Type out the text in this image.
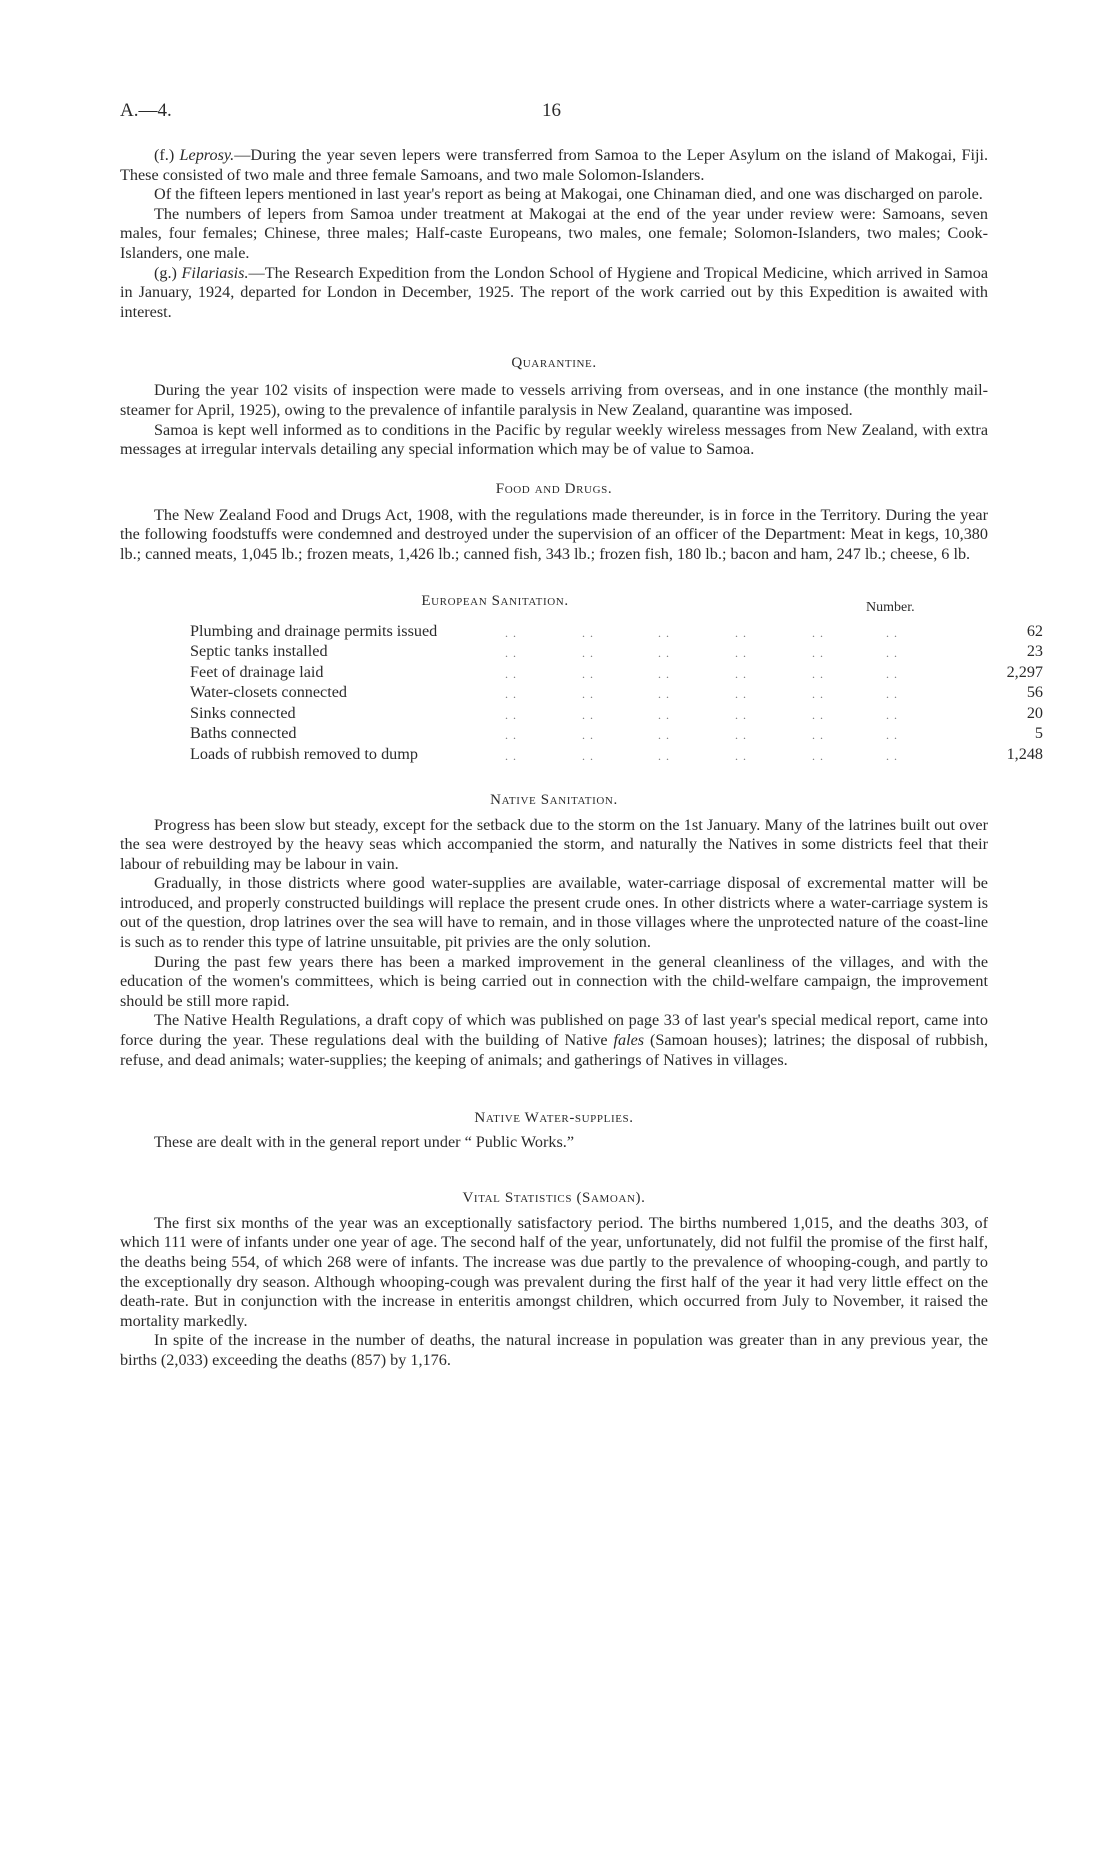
A.—4.	16

(f.) Leprosy.—During the year seven lepers were transferred from Samoa to the Leper Asylum on the island of Makogai, Fiji. These consisted of two male and three female Samoans, and two male Solomon-Islanders.

Of the fifteen lepers mentioned in last year's report as being at Makogai, one Chinaman died, and one was discharged on parole.

The numbers of lepers from Samoa under treatment at Makogai at the end of the year under review were: Samoans, seven males, four females; Chinese, three males; Half-caste Europeans, two males, one female; Solomon-Islanders, two males; Cook-Islanders, one male.

(g.) Filariasis.—The Research Expedition from the London School of Hygiene and Tropical Medicine, which arrived in Samoa in January, 1924, departed for London in December, 1925. The report of the work carried out by this Expedition is awaited with interest.

Quarantine.

During the year 102 visits of inspection were made to vessels arriving from overseas, and in one instance (the monthly mail-steamer for April, 1925), owing to the prevalence of infantile paralysis in New Zealand, quarantine was imposed.

Samoa is kept well informed as to conditions in the Pacific by regular weekly wireless messages from New Zealand, with extra messages at irregular intervals detailing any special information which may be of value to Samoa.

Food and Drugs.

The New Zealand Food and Drugs Act, 1908, with the regulations made thereunder, is in force in the Territory. During the year the following foodstuffs were condemned and destroyed under the supervision of an officer of the Department: Meat in kegs, 10,380 lb.; canned meats, 1,045 lb.; frozen meats, 1,426 lb.; canned fish, 343 lb.; frozen fish, 180 lb.; bacon and ham, 247 lb.; cheese, 6 lb.

European Sanitation.	Number.
Plumbing and drainage permits issued	. .	. .	. .	. .	. .	. .	62
Septic tanks installed	. .	. .	. .	. .	. .	. .	23
Feet of drainage laid	. .	. .	. .	. .	. .	. .	2,297
Water-closets connected	. .	. .	. .	. .	. .	. .	56
Sinks connected	. .	. .	. .	. .	. .	. .	20
Baths connected	. .	. .	. .	. .	. .	. .	5
Loads of rubbish removed to dump	. .	. .	. .	. .	. .	. .	1,248
Native Sanitation.

Progress has been slow but steady, except for the setback due to the storm on the 1st January. Many of the latrines built out over the sea were destroyed by the heavy seas which accompanied the storm, and naturally the Natives in some districts feel that their labour of rebuilding may be labour in vain.

Gradually, in those districts where good water-supplies are available, water-carriage disposal of excremental matter will be introduced, and properly constructed buildings will replace the present crude ones. In other districts where a water-carriage system is out of the question, drop latrines over the sea will have to remain, and in those villages where the unprotected nature of the coast-line is such as to render this type of latrine unsuitable, pit privies are the only solution.

During the past few years there has been a marked improvement in the general cleanliness of the villages, and with the education of the women's committees, which is being carried out in connection with the child-welfare campaign, the improvement should be still more rapid.

The Native Health Regulations, a draft copy of which was published on page 33 of last year's special medical report, came into force during the year. These regulations deal with the building of Native fales (Samoan houses); latrines; the disposal of rubbish, refuse, and dead animals; water-supplies; the keeping of animals; and gatherings of Natives in villages.

Native Water-supplies.

These are dealt with in the general report under “ Public Works.”

Vital Statistics (Samoan).

The first six months of the year was an exceptionally satisfactory period. The births numbered 1,015, and the deaths 303, of which 111 were of infants under one year of age. The second half of the year, unfortunately, did not fulfil the promise of the first half, the deaths being 554, of which 268 were of infants. The increase was due partly to the prevalence of whooping-cough, and partly to the exceptionally dry season. Although whooping-cough was prevalent during the first half of the year it had very little effect on the death-rate. But in conjunction with the increase in enteritis amongst children, which occurred from July to November, it raised the mortality markedly.

In spite of the increase in the number of deaths, the natural increase in population was greater than in any previous year, the births (2,033) exceeding the deaths (857) by 1,176.
